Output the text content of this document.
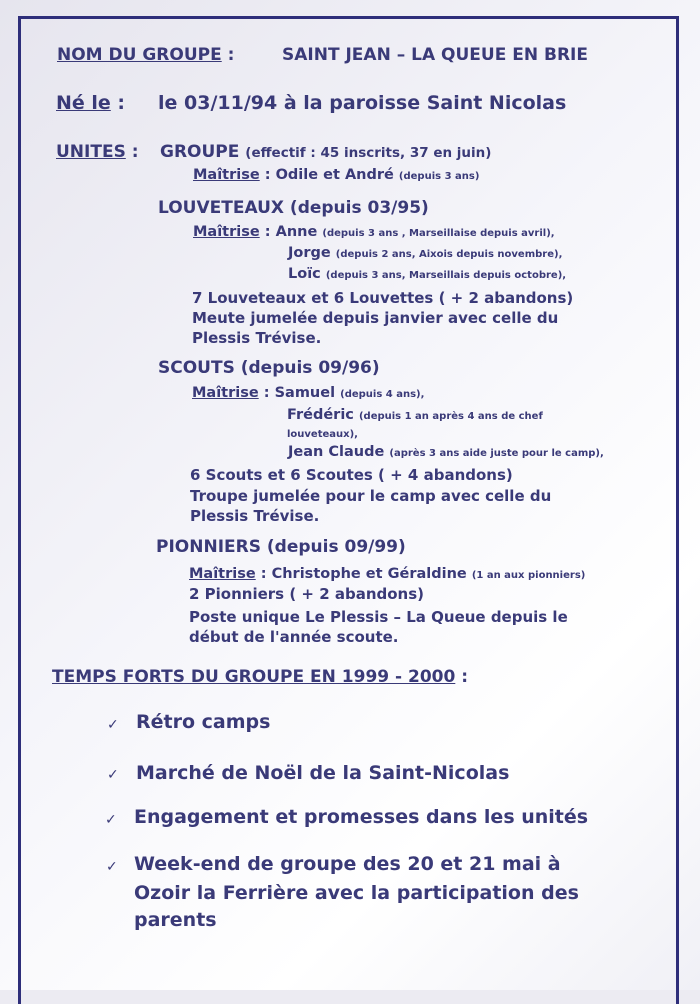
NOM DU GROUPE :	SAINT JEAN – LA QUEUE EN BRIE
Né le : le 03/11/94 à la paroisse Saint Nicolas
UNITES : GROUPE (effectif : 45 inscrits, 37 en juin)
Maîtrise : Odile et André (depuis 3 ans)
LOUVETEAUX (depuis 03/95)
Maîtrise : Anne (depuis 3 ans , Marseillaise depuis avril),
Jorge (depuis 2 ans, Aixois depuis novembre),
Loïc (depuis 3 ans, Marseillais depuis octobre),
7 Louveteaux et 6 Louvettes ( + 2 abandons)
Meute jumelée depuis janvier avec celle du
Plessis Trévise.
SCOUTS (depuis 09/96)
Maîtrise : Samuel (depuis 4 ans),
Frédéric (depuis 1 an après 4 ans de chef
louveteaux),
Jean Claude (après 3 ans aide juste pour le camp),
6 Scouts et 6 Scoutes ( + 4 abandons)
Troupe jumelée pour le camp avec celle du
Plessis Trévise.
PIONNIERS (depuis 09/99)
Maîtrise : Christophe et Géraldine (1 an aux pionniers)
2 Pionniers ( + 2 abandons)
Poste unique Le Plessis – La Queue depuis le
début de l'année scoute.
TEMPS FORTS DU GROUPE EN 1999 - 2000 :
✓ Rétro camps
✓ Marché de Noël de la Saint-Nicolas
✓ Engagement et promesses dans les unités
✓ Week-end de groupe des 20 et 21 mai à
Ozoir la Ferrière avec la participation des
parents
